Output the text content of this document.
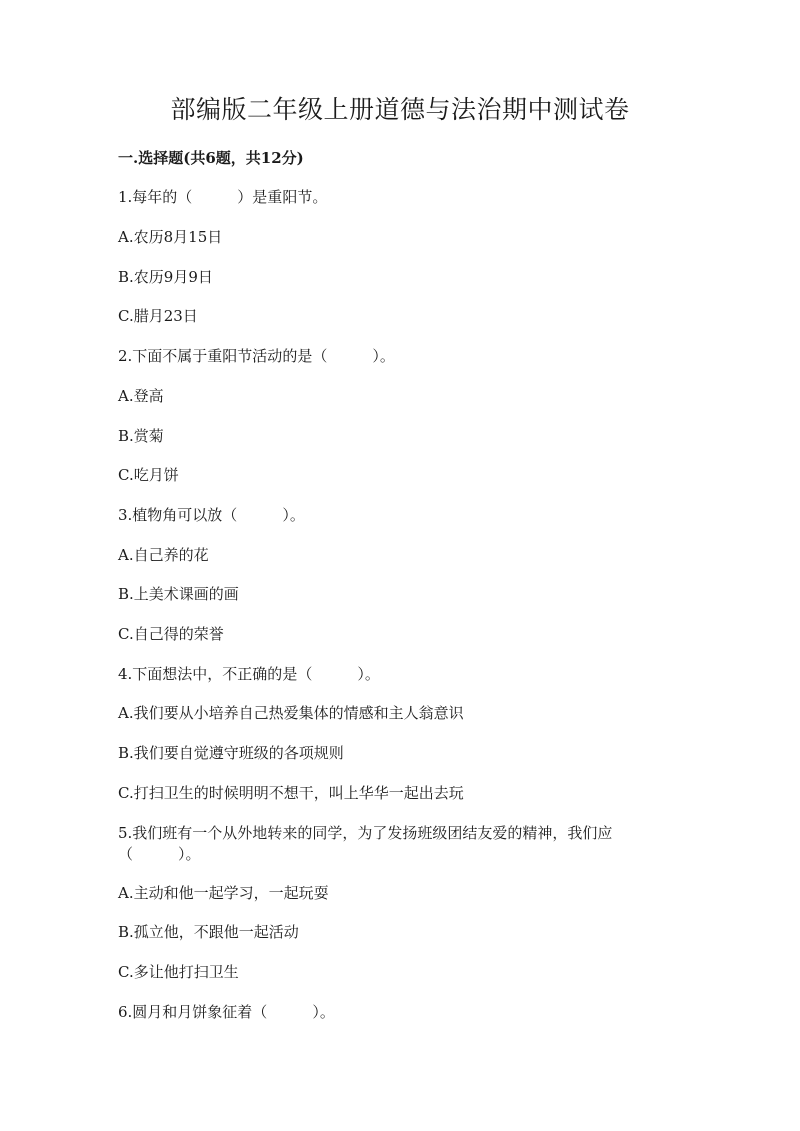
部编版二年级上册道德与法治期中测试卷
一.选择题(共6题，共12分)
1.每年的（　　　）是重阳节。
A.农历8月15日
B.农历9月9日
C.腊月23日
2.下面不属于重阳节活动的是（　　　）。
A.登高
B.赏菊
C.吃月饼
3.植物角可以放（　　　）。
A.自己养的花
B.上美术课画的画
C.自己得的荣誉
4.下面想法中，不正确的是（　　　）。
A.我们要从小培养自己热爱集体的情感和主人翁意识
B.我们要自觉遵守班级的各项规则
C.打扫卫生的时候明明不想干，叫上华华一起出去玩
5.我们班有一个从外地转来的同学，为了发扬班级团结友爱的精神，我们应
（　　　）。
A.主动和他一起学习，一起玩耍
B.孤立他，不跟他一起活动
C.多让他打扫卫生
6.圆月和月饼象征着（　　　）。
